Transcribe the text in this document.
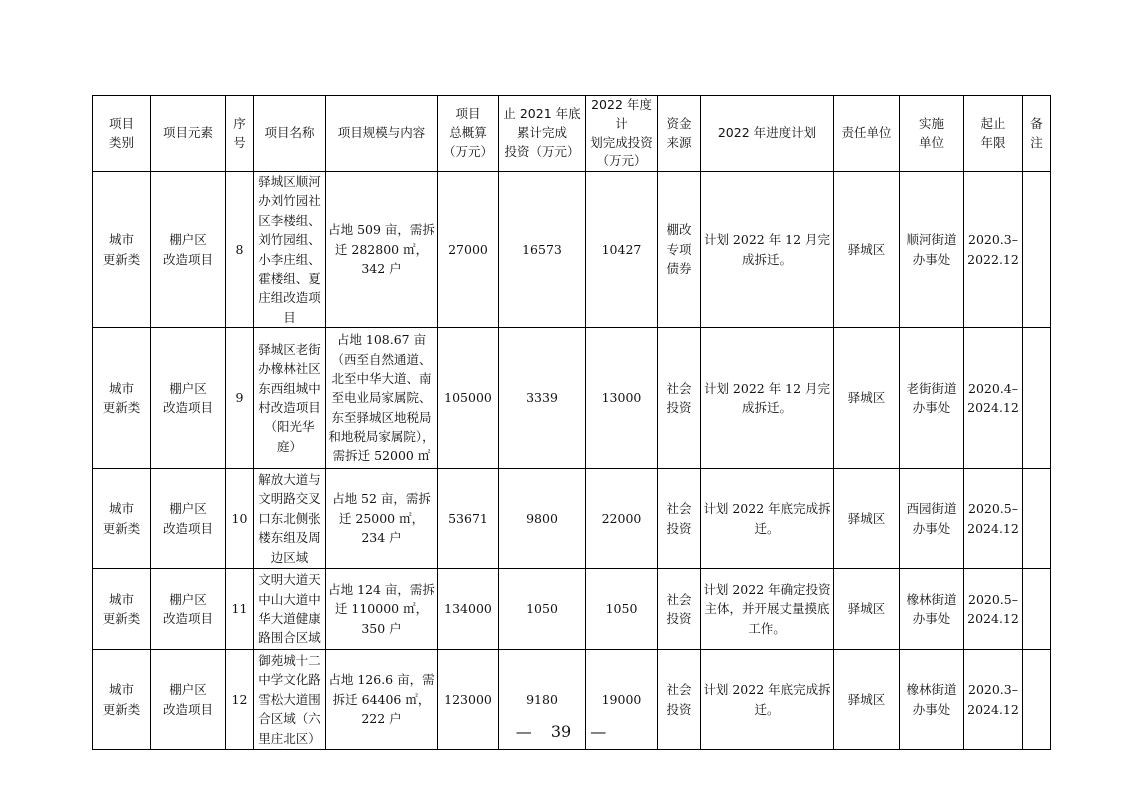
项目
类别	项目元素	序号	项目名称	项目规模与内容	项目
总概算
（万元）	止 2021 年底
累计完成
投资（万元）	2022 年度计
划完成投资
（万元）	资金
来源	2022 年进度计划	责任单位	实施
单位	起止
年限	备
注
城市
更新类	棚户区
改造项目	8	驿城区顺河办刘竹园社区李楼组、刘竹园组、小李庄组、霍楼组、夏庄组改造项目	占地 509 亩，需拆迁 282800 ㎡，342 户	27000	16573	10427	棚改
专项
债券	计划 2022 年 12 月完成拆迁。	驿城区	顺河街道
办事处	2020.3–
2022.12	
城市
更新类	棚户区
改造项目	9	驿城区老街办橡林社区东西组城中村改造项目（阳光华庭）	占地 108.67 亩（西至自然通道、北至中华大道、南至电业局家属院、东至驿城区地税局和地税局家属院），需拆迁 52000 ㎡	105000	3339	13000	社会
投资	计划 2022 年 12 月完成拆迁。	驿城区	老街街道
办事处	2020.4–
2024.12	
城市
更新类	棚户区
改造项目	10	解放大道与文明路交叉口东北侧张楼东组及周边区域	占地 52 亩，需拆迁 25000 ㎡，234 户	53671	9800	22000	社会
投资	计划 2022 年底完成拆迁。	驿城区	西园街道
办事处	2020.5–
2024.12	
城市
更新类	棚户区
改造项目	11	文明大道天中山大道中华大道健康路围合区域	占地 124 亩，需拆迁 110000 ㎡，350 户	134000	1050	1050	社会
投资	计划 2022 年确定投资主体，并开展丈量摸底工作。	驿城区	橡林街道
办事处	2020.5–
2024.12	
城市
更新类	棚户区
改造项目	12	御苑城十二中学文化路雪松大道围合区域（六里庄北区）	占地 126.6 亩，需拆迁 64406 ㎡，222 户	123000	9180	19000	社会
投资	计划 2022 年底完成拆迁。	驿城区	橡林街道
办事处	2020.3–
2024.12	
— 39 —
